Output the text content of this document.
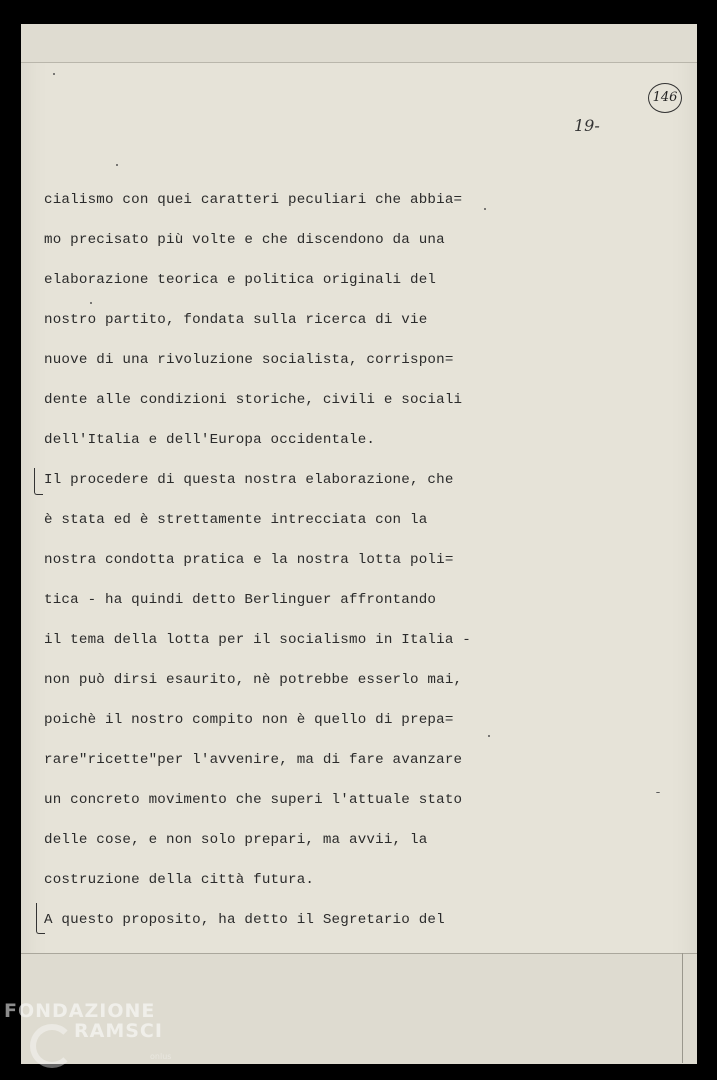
146
19-
cialismo con quei caratteri peculiari che abbia=
mo precisato più volte e che discendono da una
elaborazione teorica e politica originali del
nostro partito, fondata sulla ricerca di vie
nuove di una rivoluzione socialista, corrispon=
dente alle condizioni storiche, civili e sociali
dell'Italia e dell'Europa occidentale.
Il procedere di questa nostra elaborazione, che
è stata ed è strettamente intrecciata con la
nostra condotta pratica e la nostra lotta poli=
tica - ha quindi detto Berlinguer affrontando
il tema della lotta per il socialismo in Italia -
non può dirsi esaurito, nè potrebbe esserlo mai,
poichè il nostro compito non è quello di prepa=
rare"ricette"per l'avvenire, ma di fare avanzare
un concreto movimento che superi l'attuale stato
delle cose, e non solo prepari, ma avvii, la
costruzione della città futura.
A questo proposito, ha detto il Segretario del
FONDAZIONE
RAMSCI
onlus
